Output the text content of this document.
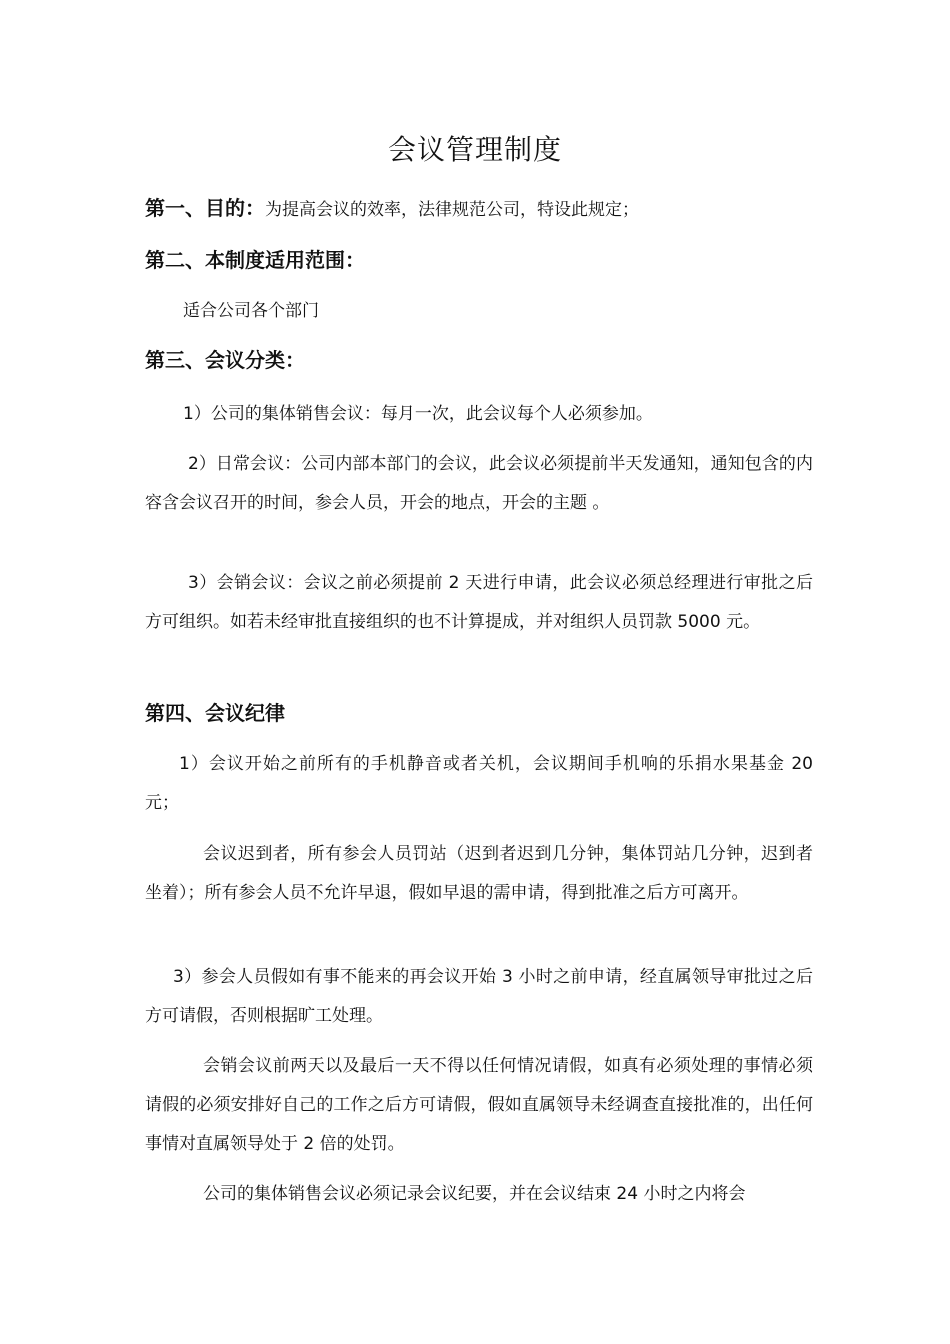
会议管理制度
第一、目的：为提高会议的效率，法律规范公司，特设此规定；
第二、本制度适用范围：
适合公司各个部门
第三、会议分类：
1）公司的集体销售会议：每月一次，此会议每个人必须参加。
2）日常会议：公司内部本部门的会议，此会议必须提前半天发通知，通知包含的内容含会议召开的时间，参会人员，开会的地点，开会的主题 。
3）会销会议：会议之前必须提前 2 天进行申请，此会议必须总经理进行审批之后方可组织。如若未经审批直接组织的也不计算提成，并对组织人员罚款 5000 元。
第四、会议纪律
1）会议开始之前所有的手机静音或者关机，会议期间手机响的乐捐水果基金 20 元；
会议迟到者，所有参会人员罚站（迟到者迟到几分钟，集体罚站几分钟，迟到者坐着）；所有参会人员不允许早退，假如早退的需申请，得到批准之后方可离开。
3）参会人员假如有事不能来的再会议开始 3 小时之前申请，经直属领导审批过之后方可请假，否则根据旷工处理。
会销会议前两天以及最后一天不得以任何情况请假，如真有必须处理的事情必须请假的必须安排好自己的工作之后方可请假，假如直属领导未经调查直接批准的，出任何事情对直属领导处于 2 倍的处罚。
公司的集体销售会议必须记录会议纪要，并在会议结束 24 小时之内将会
